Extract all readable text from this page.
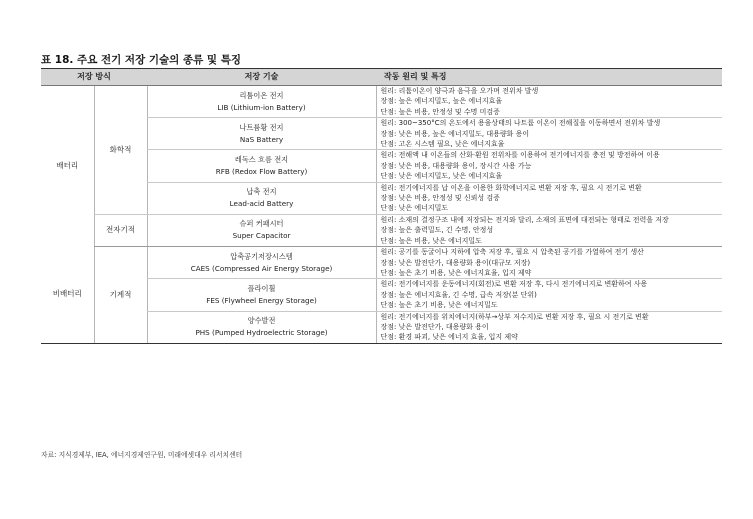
표 18. 주요 전기 저장 기술의 종류 및 특징
저장 방식		저장 기술	작동 원리 및 특징
배터리	화학적	리튬이온 전지
LIB (Lithium-ion Battery)	원리: 리튬이온이 양극과 음극을 오가며 전위차 발생
장점: 높은 에너지밀도, 높은 에너지효율
단점: 높은 비용, 안정성 및 수명 미검증

		나트륨황 전지
NaS Battery	원리: 300~350°C의 온도에서 용융상태의 나트륨 이온이 전해질을 이동하면서 전위차 발생
장점: 낮은 비용, 높은 에너지밀도, 대용량화 용이
단점: 고온 시스템 필요, 낮은 에너지효율

		레독스 흐름 전지
RFB (Redox Flow Battery)	원리: 전해액 내 이온들의 산화·환원 전위차를 이용하여 전기에너지를 충전 및 방전하여 이용
장점: 낮은 비용, 대용량화 용이, 장시간 사용 가능
단점: 낮은 에너지밀도, 낮은 에너지효율

		납축 전지
Lead-acid Battery	원리: 전기에너지를 납 이온을 이용한 화학에너지로 변환 저장 후, 필요 시 전기로 변환
장점: 낮은 비용, 안정성 및 신뢰성 검증
단점: 낮은 에너지밀도

	전자기적	슈퍼 커패시터
Super Capacitor	원리: 소재의 결정구조 내에 저장되는 전지와 달리, 소재의 표면에 대전되는 형태로 전력을 저장
장점: 높은 출력밀도, 긴 수명, 안정성
단점: 높은 비용, 낮은 에너지밀도

비배터리	기계적	압축공기저장시스템
CAES (Compressed Air Energy Storage)	원리: 공기를 동굴이나 지하에 압축 저장 후, 필요 시 압축된 공기를 가열하여 전기 생산
장점: 낮은 발전단가, 대용량화 용이(대규모 저장)
단점: 높은 초기 비용, 낮은 에너지효율, 입지 제약

		플라이휠
FES (Flywheel Energy Storage)	원리: 전기에너지를 운동에너지(회전)로 변환 저장 후, 다시 전기에너지로 변환하여 사용
장점: 높은 에너지효율, 긴 수명, 급속 저장(분 단위)
단점: 높은 초기 비용, 낮은 에너지밀도

		양수발전
PHS (Pumped Hydroelectric Storage)	원리: 전기에너지를 위치에너지(하부→상부 저수지)로 변환 저장 후, 필요 시 전기로 변환
장점: 낮은 발전단가, 대용량화 용이
단점: 환경 파괴, 낮은 에너지 효율, 입지 제약
자료: 지식경제부, IEA, 에너지경제연구원, 미래에셋대우 리서치센터
